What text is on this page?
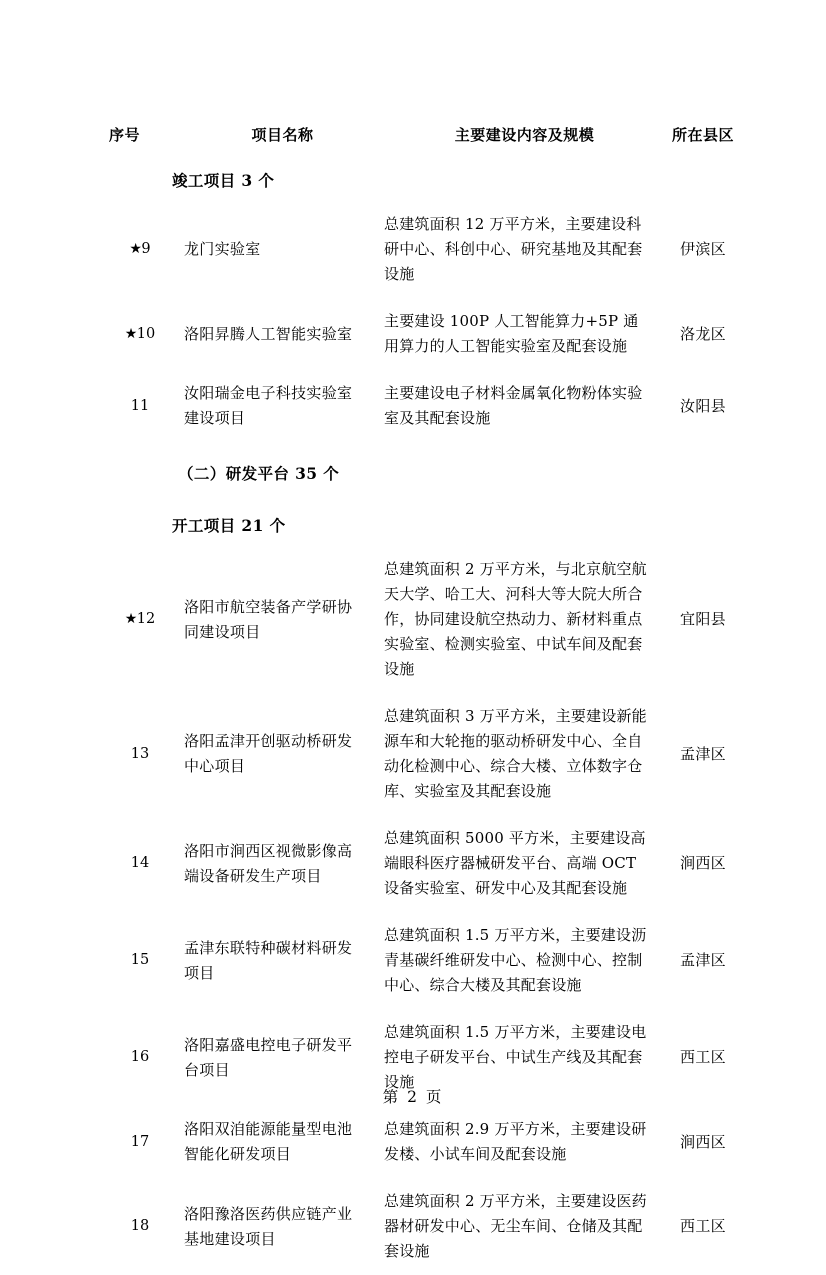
序号	项目名称	主要建设内容及规模	所在县区
竣工项目 3 个			
★9	龙门实验室	总建筑面积 12 万平方米，主要建设科研中心、科创中心、研究基地及其配套设施	伊滨区
★10	洛阳昇腾人工智能实验室	主要建设 100P 人工智能算力+5P 通用算力的人工智能实验室及配套设施	洛龙区
11	汝阳瑞金电子科技实验室建设项目	主要建设电子材料金属氧化物粉体实验室及其配套设施	汝阳县
（二）研发平台 35 个			
开工项目 21 个			
★12	洛阳市航空装备产学研协同建设项目	总建筑面积 2 万平方米，与北京航空航天大学、哈工大、河科大等大院大所合作，协同建设航空热动力、新材料重点实验室、检测实验室、中试车间及配套设施	宜阳县
13	洛阳孟津开创驱动桥研发中心项目	总建筑面积 3 万平方米，主要建设新能源车和大轮拖的驱动桥研发中心、全自动化检测中心、综合大楼、立体数字仓库、实验室及其配套设施	孟津区
14	洛阳市涧西区视微影像高端设备研发生产项目	总建筑面积 5000 平方米，主要建设高端眼科医疗器械研发平台、高端 OCT 设备实验室、研发中心及其配套设施	涧西区
15	孟津东联特种碳材料研发项目	总建筑面积 1.5 万平方米，主要建设沥青基碳纤维研发中心、检测中心、控制中心、综合大楼及其配套设施	孟津区
16	洛阳嘉盛电控电子研发平台项目	总建筑面积 1.5 万平方米，主要建设电控电子研发平台、中试生产线及其配套设施	西工区
17	洛阳双洎能源能量型电池智能化研发项目	总建筑面积 2.9 万平方米，主要建设研发楼、小试车间及配套设施	涧西区
18	洛阳豫洛医药供应链产业基地建设项目	总建筑面积 2 万平方米，主要建设医药器材研发中心、无尘车间、仓储及其配套设施	西工区
第 2 页
